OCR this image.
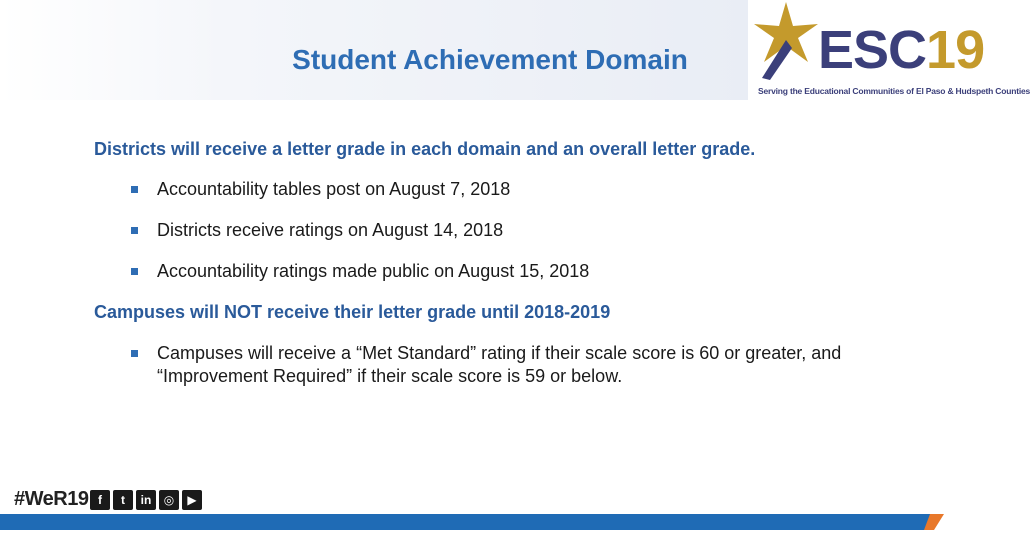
Student Achievement Domain	ESC19
Serving the Educational Communities of El Paso & Hudspeth Counties
Districts will receive a letter grade in each domain and an overall letter grade.
Accountability tables post on August 7, 2018
Districts receive ratings on August 14, 2018
Accountability ratings made public on August 15, 2018
Campuses will NOT receive their letter grade until 2018-2019
Campuses will receive a “Met Standard” rating if their scale score is 60 or greater, and “Improvement Required” if their scale score is 59 or below.
#WeR19 f	t	in	◎	▶
